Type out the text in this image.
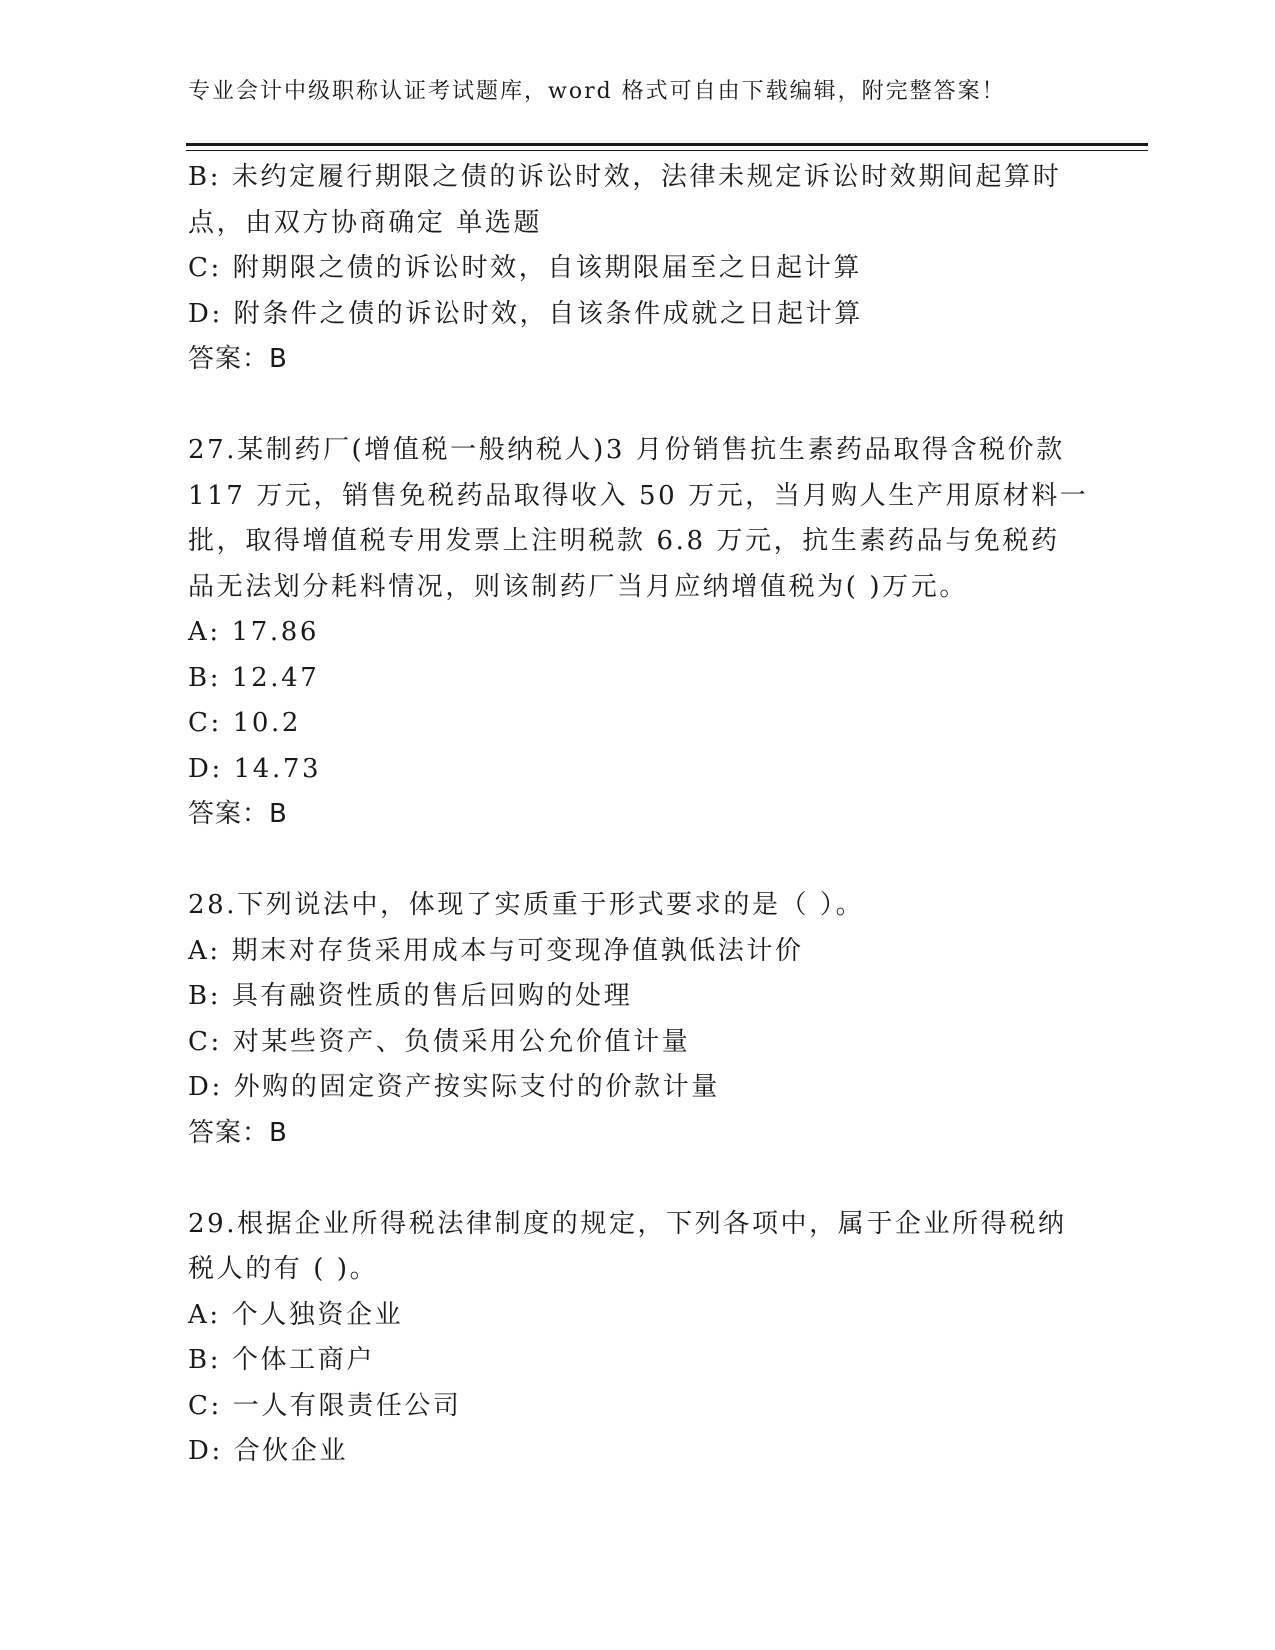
专业会计中级职称认证考试题库，word 格式可自由下载编辑，附完整答案！
B: 未约定履行期限之债的诉讼时效，法律未规定诉讼时效期间起算时
点，由双方协商确定 单选题
C: 附期限之债的诉讼时效，自该期限届至之日起计算
D: 附条件之债的诉讼时效，自该条件成就之日起计算
答案：B
27.某制药厂(增值税一般纳税人)3 月份销售抗生素药品取得含税价款
117 万元，销售免税药品取得收入 50 万元，当月购人生产用原材料一
批，取得增值税专用发票上注明税款 6.8 万元，抗生素药品与免税药
品无法划分耗料情况，则该制药厂当月应纳增值税为( )万元。
A: 17.86
B: 12.47
C: 10.2
D: 14.73
答案：B
28.下列说法中，体现了实质重于形式要求的是（ ）。
A: 期末对存货采用成本与可变现净值孰低法计价
B: 具有融资性质的售后回购的处理
C: 对某些资产、负债采用公允价值计量
D: 外购的固定资产按实际支付的价款计量
答案：B
29.根据企业所得税法律制度的规定，下列各项中，属于企业所得税纳
税人的有 ( )。
A: 个人独资企业
B: 个体工商户
C: 一人有限责任公司
D: 合伙企业
